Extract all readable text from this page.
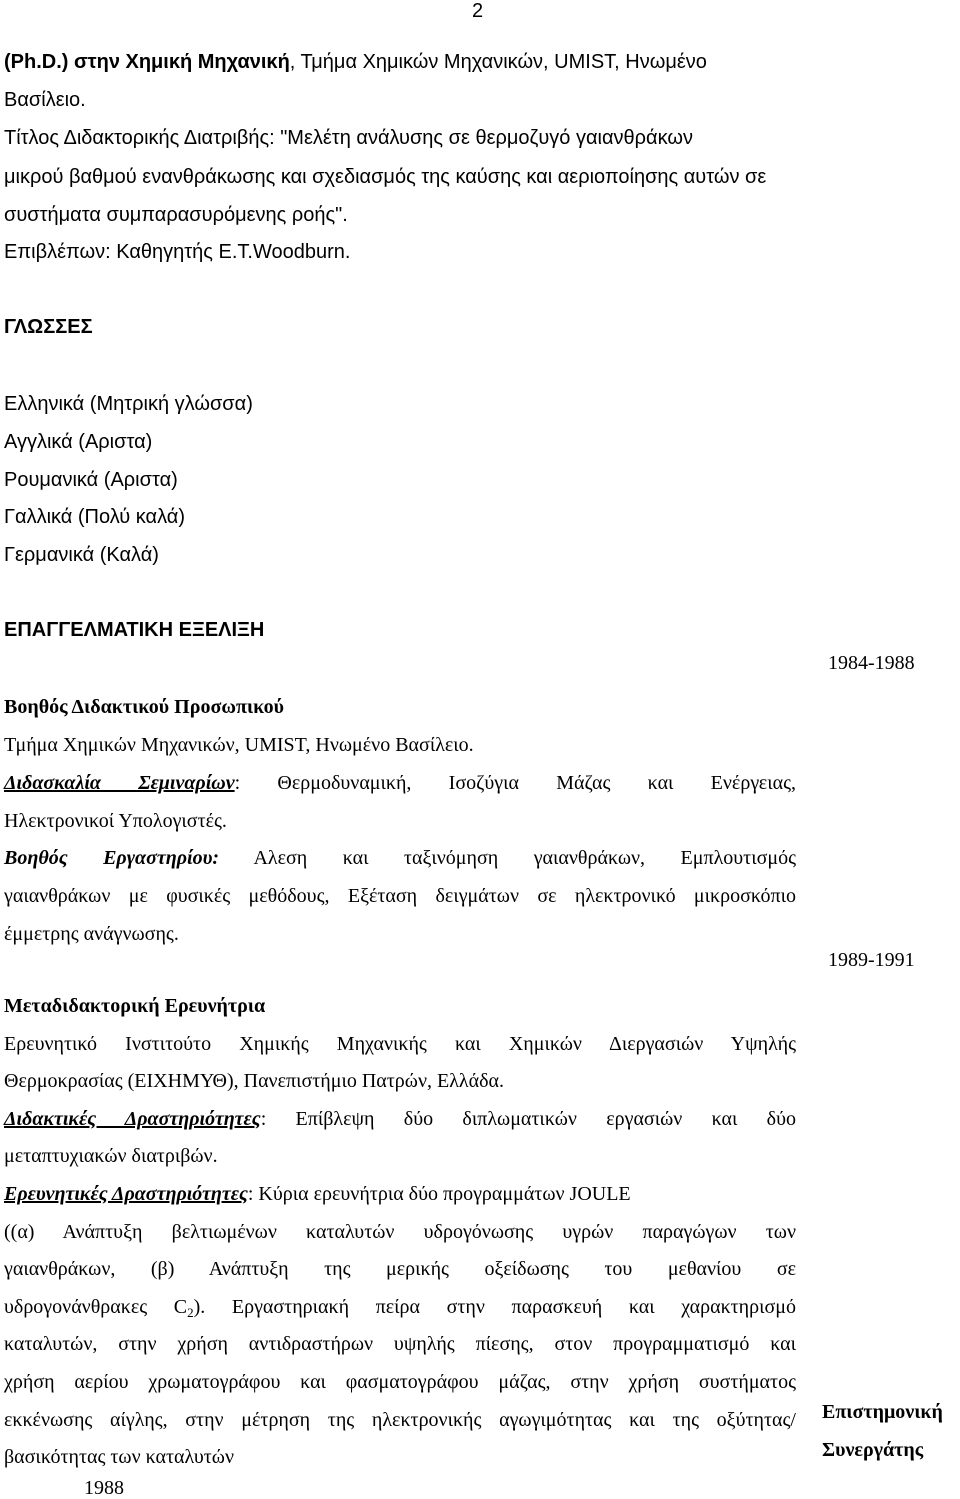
2
(Ph.D.) στην Χημική Μηχανική, Τμήμα Χημικών Μηχανικών, UMIST, Ηνωμένο
Βασίλειο.
Τίτλος Διδακτορικής Διατριβής: "Μελέτη ανάλυσης σε θερμοζυγό γαιανθράκων
μικρού βαθμού ενανθράκωσης και σχεδιασμός της καύσης και αεριοποίησης αυτών σε
συστήματα συμπαρασυρόμενης ροής".
Επιβλέπων: Καθηγητής E.T.Woodburn.
ΓΛΩΣΣΕΣ
Ελληνικά (Μητρική γλώσσα)
Αγγλικά (Αριστα)
Ρουμανικά (Αριστα)
Γαλλικά (Πολύ καλά)
Γερμανικά (Καλά)
ΕΠΑΓΓΕΛΜΑΤΙΚΗ ΕΞΕΛΙΞΗ
1984-1988
Βοηθός Διδακτικού Προσωπικού
Τμήμα Χημικών Μηχανικών, UMIST, Ηνωμένο Βασίλειο.
Διδασκαλία Σεμιναρίων: Θερμοδυναμική, Ισοζύγια Μάζας και Ενέργειας,
Ηλεκτρονικοί Υπολογιστές.
Βοηθός Εργαστηρίου: Αλεση και ταξινόμηση γαιανθράκων, Εμπλουτισμός
γαιανθράκων με φυσικές μεθόδους, Εξέταση δειγμάτων σε ηλεκτρονικό μικροσκόπιο
έμμετρης ανάγνωσης.
1989-1991
Μεταδιδακτορική Ερευνήτρια
Ερευνητικό Ινστιτούτο Χημικής Μηχανικής και Χημικών Διεργασιών Υψηλής
Θερμοκρασίας (ΕΙΧΗΜΥΘ), Πανεπιστήμιο Πατρών, Ελλάδα.
Διδακτικές Δραστηριότητες: Επίβλεψη δύο διπλωματικών εργασιών και δύο
μεταπτυχιακών διατριβών.
Ερευνητικές Δραστηριότητες: Κύρια ερευνήτρια δύο προγραμμάτων JOULE
((α) Ανάπτυξη βελτιωμένων καταλυτών υδρογόνωσης υγρών παραγώγων των
γαιανθράκων, (β) Ανάπτυξη της μερικής οξείδωσης του μεθανίου σε
υδρογονάνθρακες $C_2$). Εργαστηριακή πείρα στην παρασκευή και χαρακτηρισμό
καταλυτών, στην χρήση αντιδραστήρων υψηλής πίεσης, στον προγραμματισμό και
χρήση αερίου χρωματογράφου και φασματογράφου μάζας, στην χρήση συστήματος
εκκένωσης αίγλης, στην μέτρηση της ηλεκτρονικής αγωγιμότητας και της οξύτητας/
βασικότητας των καταλυτών
Επιστημονική
Συνεργάτης
1988
